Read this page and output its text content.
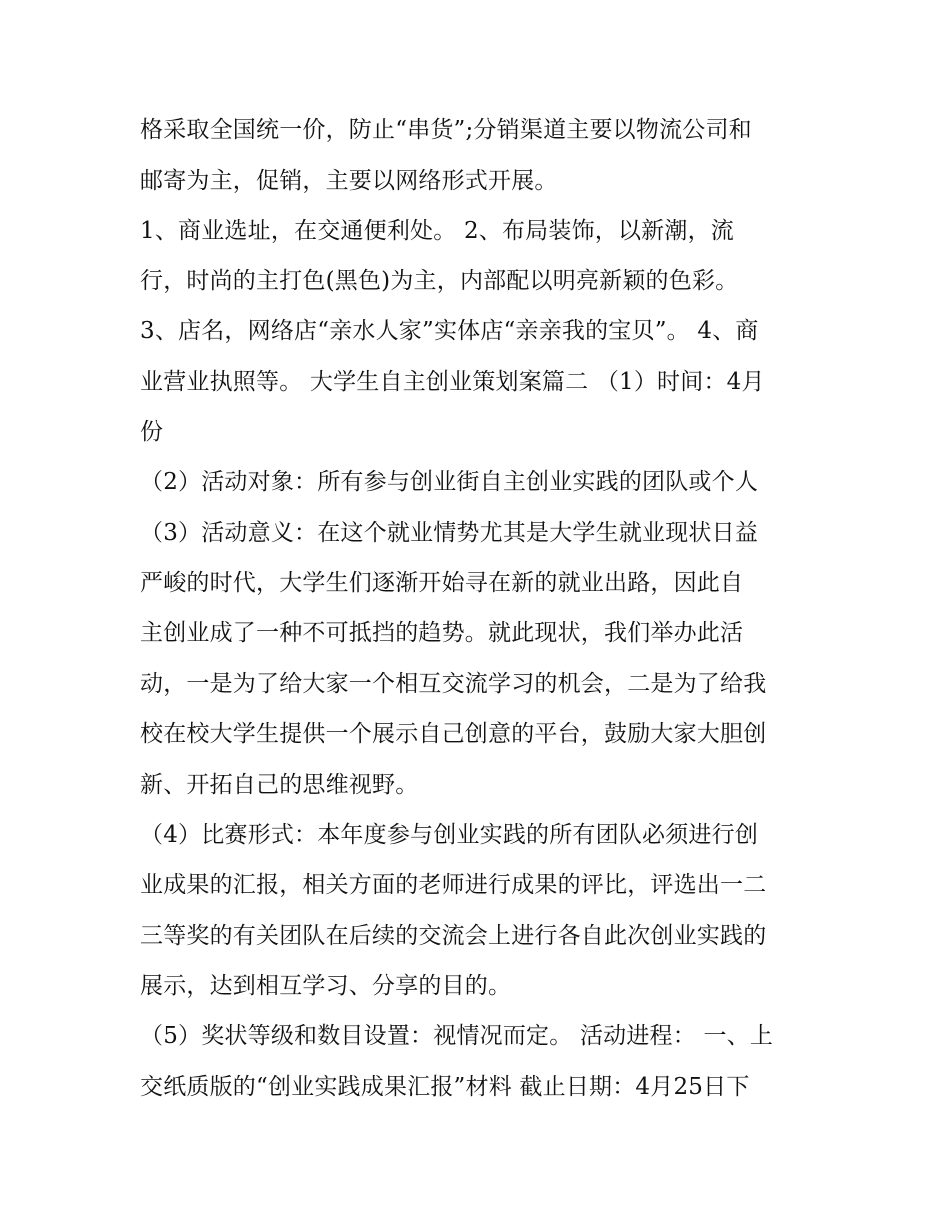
格采取全国统一价，防止“串货”;分销渠道主要以物流公司和
邮寄为主，促销，主要以网络形式开展。
1、商业选址，在交通便利处。 2、布局装饰，以新潮，流
行，时尚的主打色(黑色)为主，内部配以明亮新颖的色彩。
3、店名，网络店“亲水人家”实体店“亲亲我的宝贝”。 4、商
业营业执照等。 大学生自主创业策划案篇二 （1）时间：4月
份
（2）活动对象：所有参与创业街自主创业实践的团队或个人
（3）活动意义：在这个就业情势尤其是大学生就业现状日益
严峻的时代，大学生们逐渐开始寻在新的就业出路，因此自
主创业成了一种不可抵挡的趋势。就此现状，我们举办此活
动，一是为了给大家一个相互交流学习的机会，二是为了给我
校在校大学生提供一个展示自己创意的平台，鼓励大家大胆创
新、开拓自己的思维视野。
（4）比赛形式：本年度参与创业实践的所有团队必须进行创
业成果的汇报，相关方面的老师进行成果的评比，评选出一二
三等奖的有关团队在后续的交流会上进行各自此次创业实践的
展示，达到相互学习、分享的目的。
（5）奖状等级和数目设置：视情况而定。 活动进程： 一、上
交纸质版的“创业实践成果汇报”材料 截止日期：4月25日下
